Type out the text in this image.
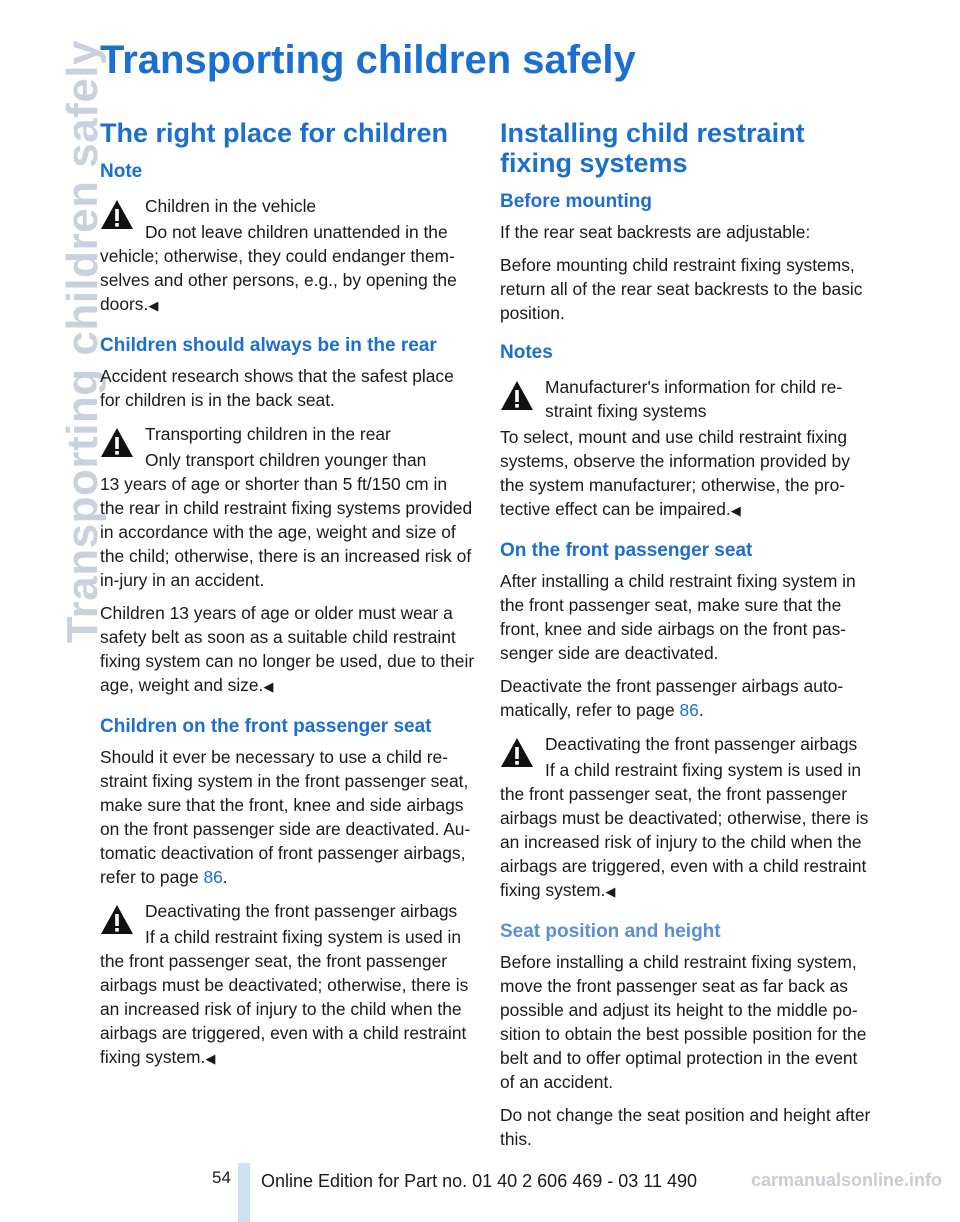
Transporting children safely
Transporting children safely
The right place for children
Note
Children in the vehicle
Do not leave children unattended in the

vehicle; otherwise, they could endanger them-selves and other persons, e.g., by opening the doors.◀

Children should always be in the rear

Accident research shows that the safest place for children is in the back seat.

Transporting children in the rear
Only transport children younger than

13 years of age or shorter than 5 ft/150 cm in the rear in child restraint fixing systems provided in accordance with the age, weight and size of the child; otherwise, there is an increased risk of in-jury in an accident.

Children 13 years of age or older must wear a safety belt as soon as a suitable child restraint fixing system can no longer be used, due to their age, weight and size.◀

Children on the front passenger seat

Should it ever be necessary to use a child re-straint fixing system in the front passenger seat, make sure that the front, knee and side airbags on the front passenger side are deactivated. Au-tomatic deactivation of front passenger airbags, refer to page 86.

Deactivating the front passenger airbags
If a child restraint fixing system is used in

the front passenger seat, the front passenger airbags must be deactivated; otherwise, there is an increased risk of injury to the child when the airbags are triggered, even with a child restraint fixing system.◀

Installing child restraint fixing systems
Before mounting

If the rear seat backrests are adjustable:

Before mounting child restraint fixing systems, return all of the rear seat backrests to the basic position.

Notes
Manufacturer's information for child re-straint fixing systems

To select, mount and use child restraint fixing systems, observe the information provided by the system manufacturer; otherwise, the pro-tective effect can be impaired.◀

On the front passenger seat

After installing a child restraint fixing system in the front passenger seat, make sure that the front, knee and side airbags on the front pas-senger side are deactivated.

Deactivate the front passenger airbags auto-matically, refer to page 86.

Deactivating the front passenger airbags
If a child restraint fixing system is used in

the front passenger seat, the front passenger airbags must be deactivated; otherwise, there is an increased risk of injury to the child when the airbags are triggered, even with a child restraint fixing system.◀

Seat position and height

Before installing a child restraint fixing system, move the front passenger seat as far back as possible and adjust its height to the middle po-sition to obtain the best possible position for the belt and to offer optimal protection in the event of an accident.

Do not change the seat position and height after this.

54 Online Edition for Part no. 01 40 2 606 469 - 03 11 490	carmanualsonline.info
